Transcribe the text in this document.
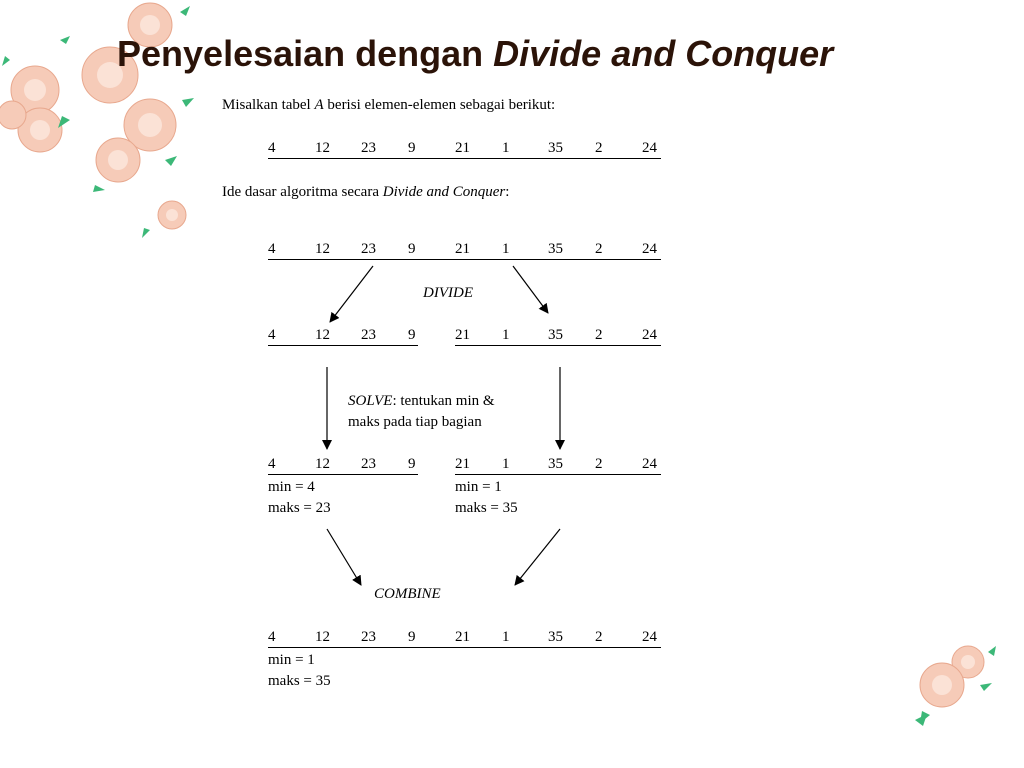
Penyelesaian dengan Divide and Conquer
Misalkan tabel A berisi elemen-elemen sebagai berikut:
4	12 23 9	21 1	35 2	24
Ide dasar algoritma secara Divide and Conquer:
4	12 23 9	21 1	35 2	24
DIVIDE
4	12 23 9	21 1	35 2	24
SOLVE: tentukan min &
maks pada tiap bagian
4	12 23 9	21 1	35 2	24
min = 4
maks = 23
min = 1
maks = 35
COMBINE
4	12 23 9	21 1	35 2	24
min = 1
maks = 35
